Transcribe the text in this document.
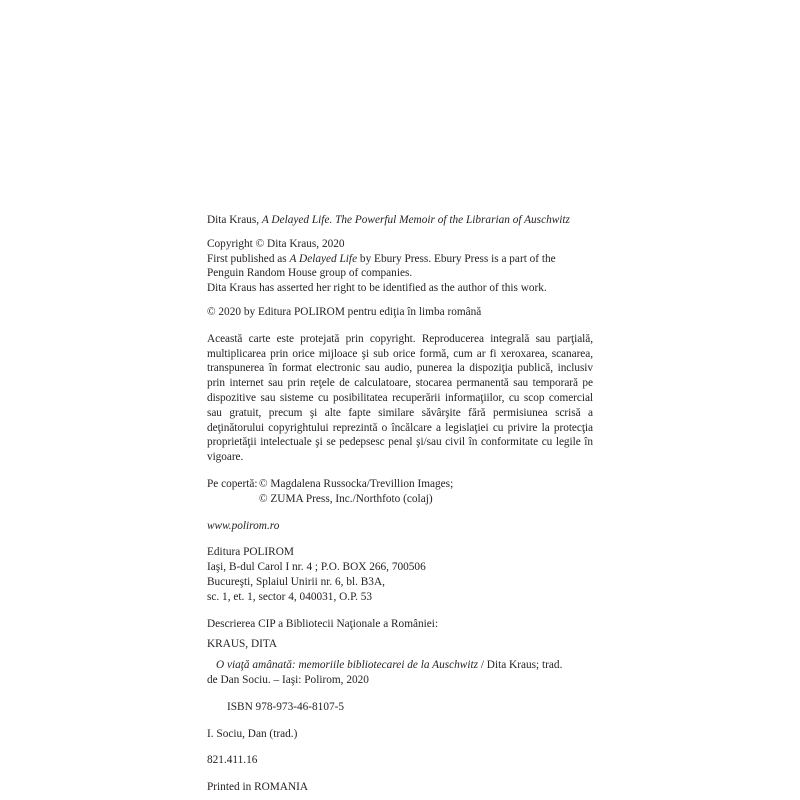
Dita Kraus, A Delayed Life. The Powerful Memoir of the Librarian of Auschwitz

Copyright © Dita Kraus, 2020

First published as A Delayed Life by Ebury Press. Ebury Press is a part of the

Penguin Random House group of companies.

Dita Kraus has asserted her right to be identified as the author of this work.

© 2020 by Editura POLIROM pentru ediţia în limba română

Această carte este protejată prin copyright. Reproducerea integrală sau parţială, multiplicarea prin orice mijloace şi sub orice formă, cum ar fi xeroxarea, scanarea, transpunerea în format electronic sau audio, punerea la dispoziţia publică, inclusiv prin internet sau prin reţele de calculatoare, stocarea permanentă sau temporară pe dispozitive sau sisteme cu posibilitatea recuperării informaţiilor, cu scop comercial sau gratuit, precum şi alte fapte similare săvârşite fără permisiunea scrisă a deţinătorului copyrightului reprezintă o încălcare a legislaţiei cu privire la protecţia proprietăţii intelectuale şi se pedepsesc penal şi/sau civil în conformitate cu legile în vigoare.

Pe copertă: © Magdalena Russocka/Trevillion Images;

© ZUMA Press, Inc./Northfoto (colaj)

www.polirom.ro

Editura POLIROM

Iaşi, B-dul Carol I nr. 4 ; P.O. BOX 266, 700506

Bucureşti, Splaiul Unirii nr. 6, bl. B3A,

sc. 1, et. 1, sector 4, 040031, O.P. 53

Descrierea CIP a Bibliotecii Naţionale a României:

KRAUS, DITA

O viaţă amânată: memoriile bibliotecarei de la Auschwitz / Dita Kraus; trad.

de Dan Sociu. – Iaşi: Polirom, 2020

ISBN 978-973-46-8107-5

I. Sociu, Dan (trad.)

821.411.16

Printed in ROMANIA
